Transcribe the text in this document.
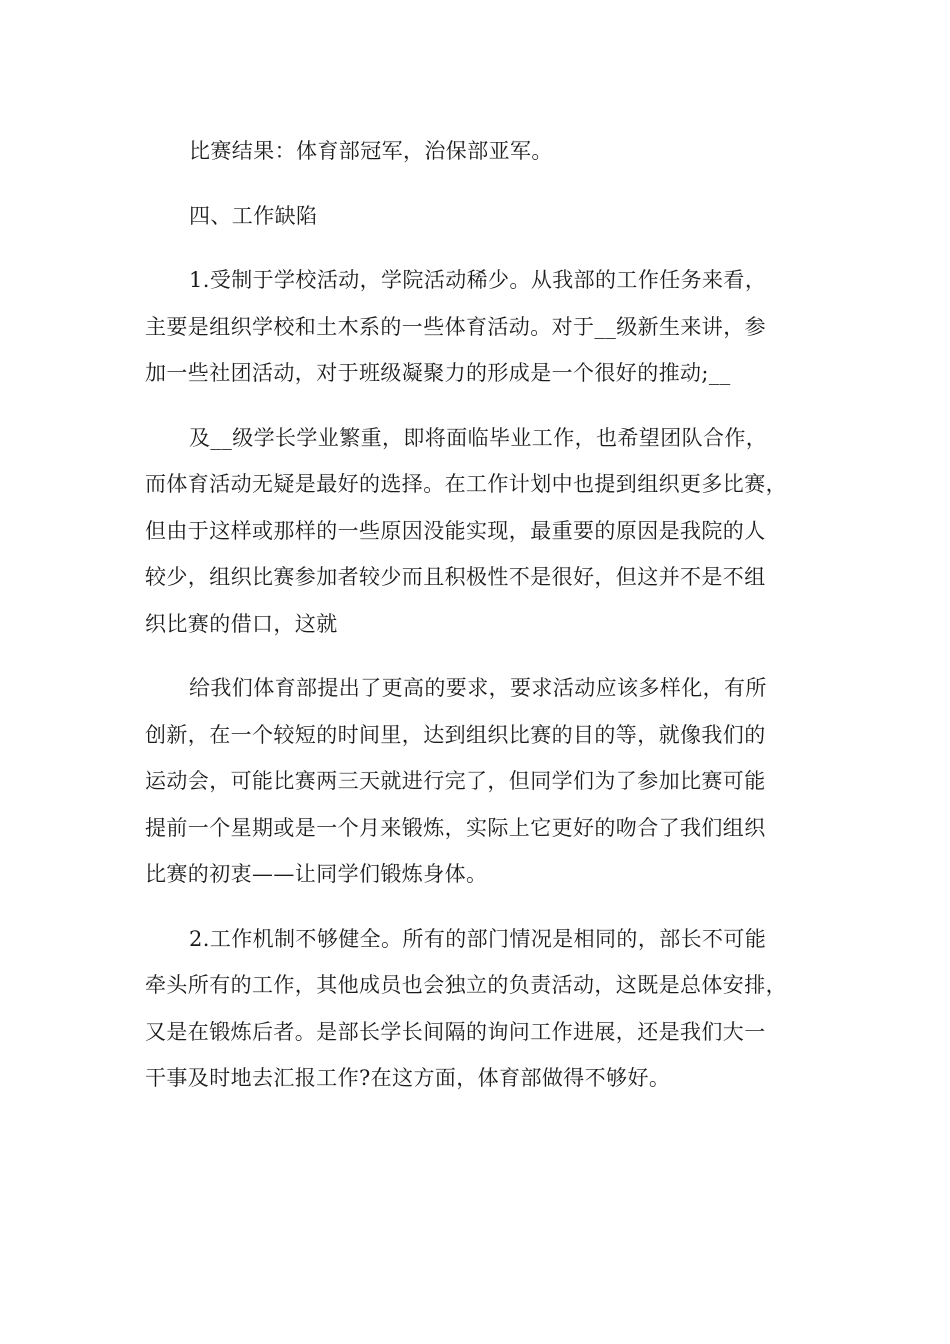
比赛结果：体育部冠军，治保部亚军。

四、工作缺陷

1.受制于学校活动，学院活动稀少。从我部的工作任务来看，
主要是组织学校和土木系的一些体育活动。对于__级新生来讲，参
加一些社团活动，对于班级凝聚力的形成是一个很好的推动;__

及__级学长学业繁重，即将面临毕业工作，也希望团队合作，
而体育活动无疑是最好的选择。在工作计划中也提到组织更多比赛，
但由于这样或那样的一些原因没能实现，最重要的原因是我院的人
较少，组织比赛参加者较少而且积极性不是很好，但这并不是不组
织比赛的借口，这就

给我们体育部提出了更高的要求，要求活动应该多样化，有所
创新，在一个较短的时间里，达到组织比赛的目的等，就像我们的
运动会，可能比赛两三天就进行完了，但同学们为了参加比赛可能
提前一个星期或是一个月来锻炼，实际上它更好的吻合了我们组织
比赛的初衷——让同学们锻炼身体。

2.工作机制不够健全。所有的部门情况是相同的，部长不可能
牵头所有的工作，其他成员也会独立的负责活动，这既是总体安排，
又是在锻炼后者。是部长学长间隔的询问工作进展，还是我们大一
干事及时地去汇报工作?在这方面，体育部做得不够好。
